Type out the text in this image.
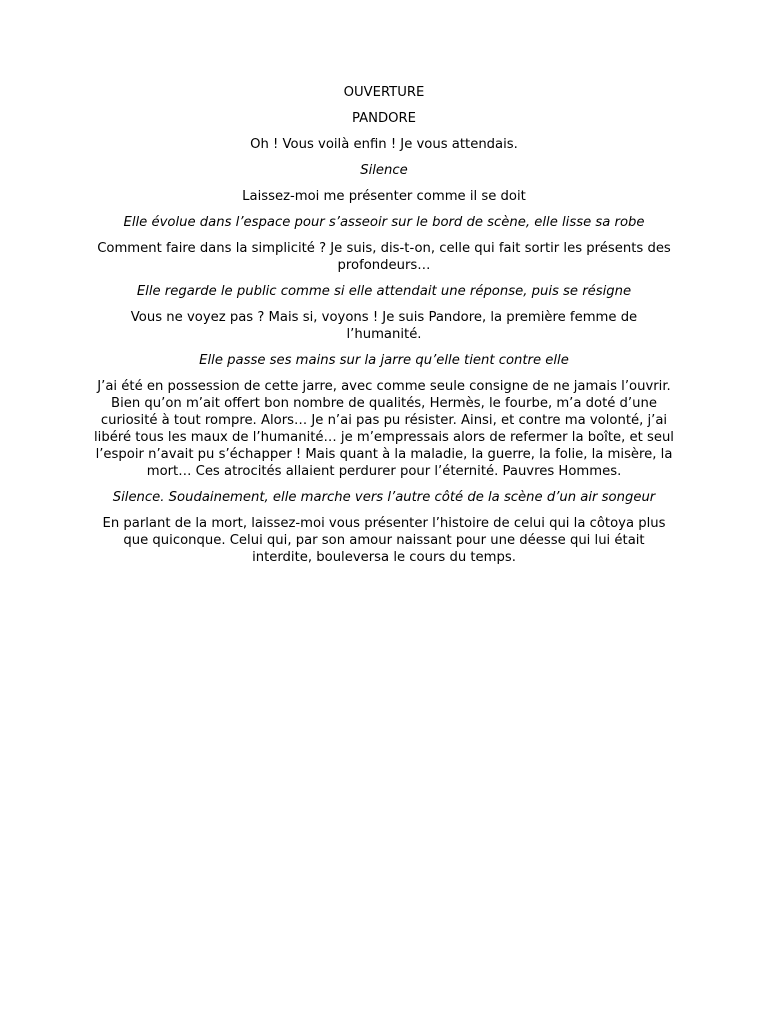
OUVERTURE

PANDORE

Oh ! Vous voilà enfin ! Je vous attendais.

Silence

Laissez-moi me présenter comme il se doit

Elle évolue dans l’espace pour s’asseoir sur le bord de scène, elle lisse sa robe

Comment faire dans la simplicité ? Je suis, dis-t-on, celle qui fait sortir les présents des profondeurs…

Elle regarde le public comme si elle attendait une réponse, puis se résigne

Vous ne voyez pas ? Mais si, voyons ! Je suis Pandore, la première femme de l’humanité.

Elle passe ses mains sur la jarre qu’elle tient contre elle

J’ai été en possession de cette jarre, avec comme seule consigne de ne jamais l’ouvrir. Bien qu’on m’ait offert bon nombre de qualités, Hermès, le fourbe, m’a doté d’une curiosité à tout rompre. Alors… Je n’ai pas pu résister. Ainsi, et contre ma volonté, j’ai libéré tous les maux de l’humanité… je m’empressais alors de refermer la boîte, et seul l’espoir n’avait pu s’échapper ! Mais quant à la maladie, la guerre, la folie, la misère, la mort… Ces atrocités allaient perdurer pour l’éternité. Pauvres Hommes.

Silence. Soudainement, elle marche vers l’autre côté de la scène d’un air songeur

En parlant de la mort, laissez-moi vous présenter l’histoire de celui qui la côtoya plus que quiconque. Celui qui, par son amour naissant pour une déesse qui lui était interdite, bouleversa le cours du temps.
